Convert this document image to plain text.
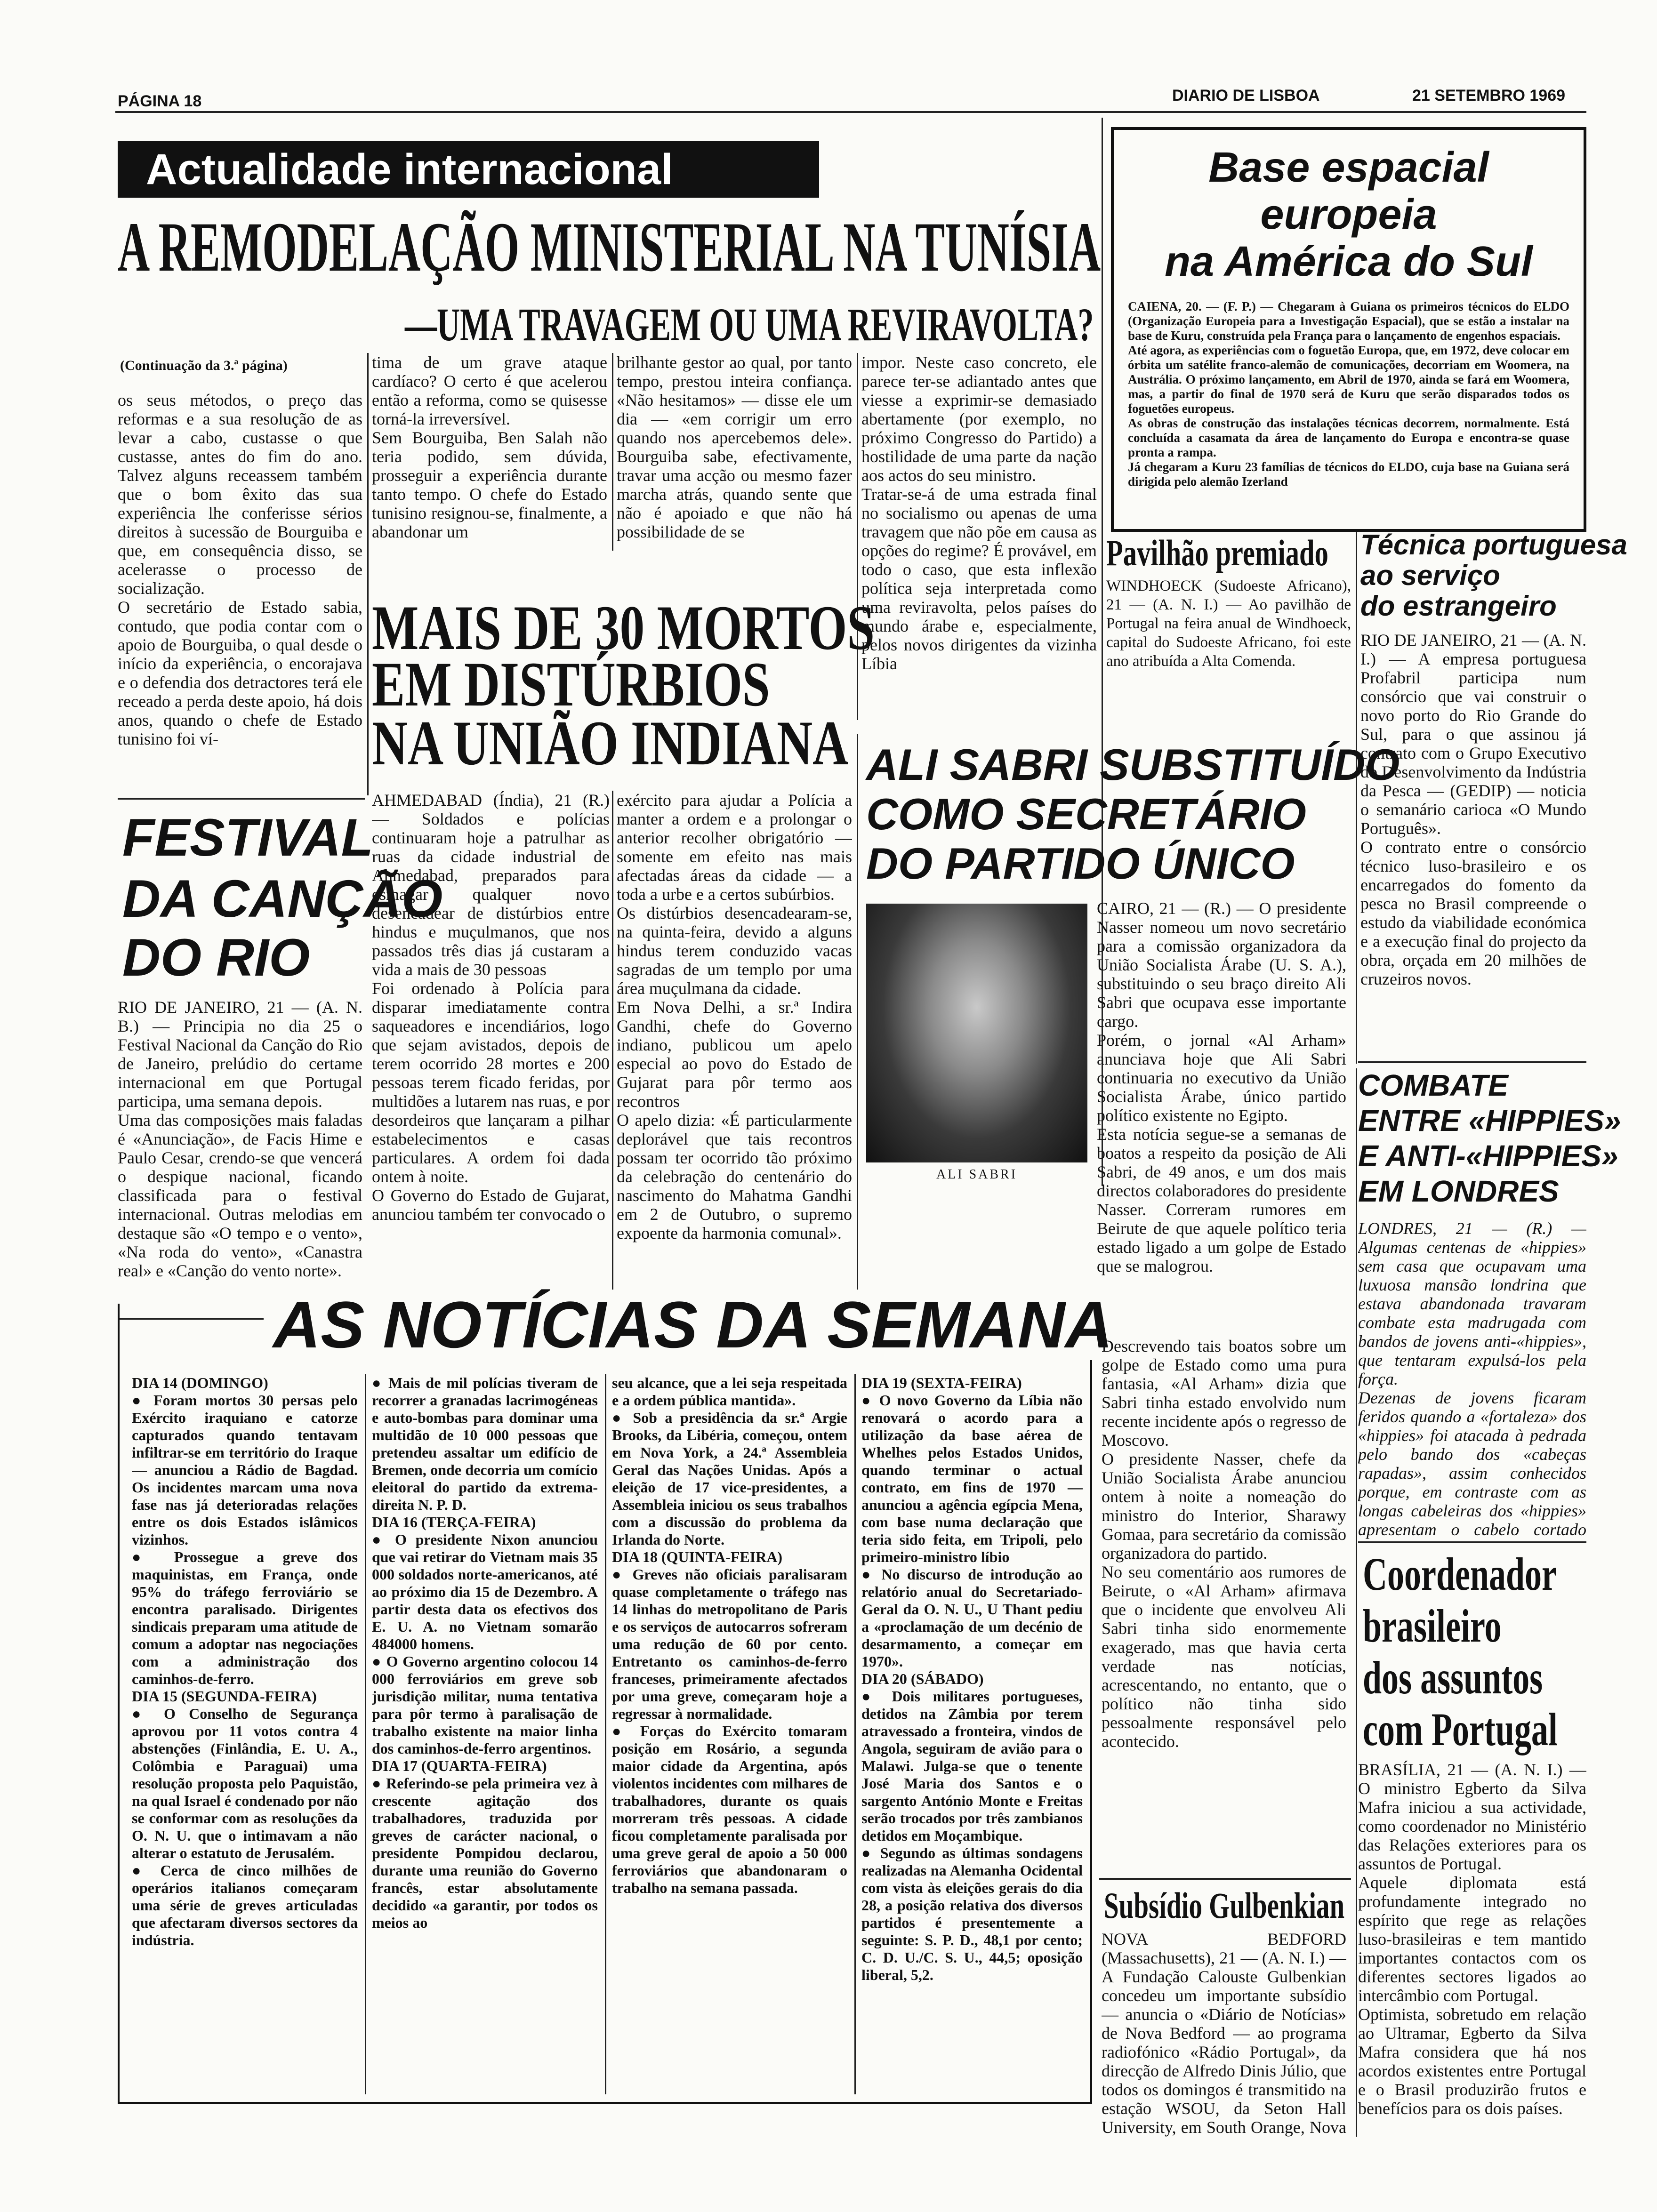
PÁGINA 18	DIARIO DE LISBOA	21 SETEMBRO 1969
Actualidade internacional
A REMODELAÇÃO MINISTERIAL NA TUNÍSIA
—UMA TRAVAGEM OU UMA REVIRAVOLTA?
(Continuação da 3.ª página)
os seus métodos, o preço das reformas e a sua resolução de as levar a cabo, custasse o que custasse, antes do fim do ano. Talvez alguns receassem também que o bom êxito das sua experiência lhe conferisse sérios direitos à sucessão de Bourguiba e que, em consequência disso, se acelerasse o processo de socialização.
O secretário de Estado sabia, contudo, que podia contar com o apoio de Bourguiba, o qual desde o início da experiência, o encorajava e o defendia dos detractores terá ele receado a perda deste apoio, há dois anos, quando o chefe de Estado tunisino foi ví-
tima de um grave ataque cardíaco? O certo é que acelerou então a reforma, como se quisesse torná-la irreversível.
Sem Bourguiba, Ben Salah não teria podido, sem dúvida, prosseguir a experiência durante tanto tempo. O chefe do Estado tunisino resignou-se, finalmente, a abandonar um
brilhante gestor ao qual, por tanto tempo, prestou inteira confiança. «Não hesitamos» — disse ele um dia — «em corrigir um erro quando nos apercebemos dele». Bourguiba sabe, efectivamente, travar uma acção ou mesmo fazer marcha atrás, quando sente que não é apoiado e que não há possibilidade de se
impor. Neste caso concreto, ele parece ter-se adiantado antes que viesse a exprimir-se demasiado abertamente (por exemplo, no próximo Congresso do Partido) a hostilidade de uma parte da nação aos actos do seu ministro.
Tratar-se-á de uma estrada final no socialismo ou apenas de uma travagem que não põe em causa as opções do regime? É provável, em todo o caso, que esta inflexão política seja interpretada como uma reviravolta, pelos países do mundo árabe e, especialmente, pelos novos dirigentes da vizinha Líbia
Base espacial europeia
na América do Sul
CAIENA, 20. — (F. P.) — Chegaram à Guiana os primeiros técnicos do ELDO (Organização Europeia para a Investigação Espacial), que se estão a instalar na base de Kuru, construída pela França para o lançamento de engenhos espaciais.
Até agora, as experiências com o foguetão Europa, que, em 1972, deve colocar em órbita um satélite franco-alemão de comunicações, decorriam em Woomera, na Austrália. O próximo lançamento, em Abril de 1970, ainda se fará em Woomera, mas, a partir do final de 1970 será de Kuru que serão disparados todos os foguetões europeus.
As obras de construção das instalações técnicas decorrem, normalmente. Está concluída a casamata da área de lançamento do Europa e encontra-se quase pronta a rampa.
Já chegaram a Kuru 23 famílias de técnicos do ELDO, cuja base na Guiana será dirigida pelo alemão Izerland
Pavilhão premiado
WINDHOECK (Sudoeste Africano), 21 — (A. N. I.) — Ao pavilhão de Portugal na feira anual de Windhoeck, capital do Sudoeste Africano, foi este ano atribuída a Alta Comenda.
Técnica portuguesa
ao serviço
do estrangeiro
RIO DE JANEIRO, 21 — (A. N. I.) — A empresa portuguesa Profabril participa num consórcio que vai construir o novo porto do Rio Grande do Sul, para o que assinou já contrato com o Grupo Executivo do Desenvolvimento da Indústria da Pesca — (GEDIP) — noticia o semanário carioca «O Mundo Português».
O contrato entre o consórcio técnico luso-brasileiro e os encarregados do fomento da pesca no Brasil compreende o estudo da viabilidade económica e a execução final do projecto da obra, orçada em 20 milhões de cruzeiros novos.
FESTIVAL
DA CANÇÃO
DO RIO
RIO DE JANEIRO, 21 — (A. N. B.) — Principia no dia 25 o Festival Nacional da Canção do Rio de Janeiro, prelúdio do certame internacional em que Portugal participa, uma semana depois.
Uma das composições mais faladas é «Anunciação», de Facis Hime e Paulo Cesar, crendo-se que vencerá o despique nacional, ficando classificada para o festival internacional. Outras melodias em destaque são «O tempo e o vento», «Na roda do vento», «Canastra real» e «Canção do vento norte».
MAIS DE 30 MORTOS
EM DISTÚRBIOS
NA UNIÃO INDIANA
AHMEDABAD (Índia), 21 (R.) — Soldados e polícias continuaram hoje a patrulhar as ruas da cidade industrial de Ahmedabad, preparados para esmagar qualquer novo desencadear de distúrbios entre hindus e muçulmanos, que nos passados três dias já custaram a vida a mais de 30 pessoas
Foi ordenado à Polícia para disparar imediatamente contra saqueadores e incendiários, logo que sejam avistados, depois de terem ocorrido 28 mortes e 200 pessoas terem ficado feridas, por multidões a lutarem nas ruas, e por desordeiros que lançaram a pilhar estabelecimentos e casas particulares. A ordem foi dada ontem à noite.
O Governo do Estado de Gujarat, anunciou também ter convocado o
exército para ajudar a Polícia a manter a ordem e a prolongar o anterior recolher obrigatório — somente em efeito nas mais afectadas áreas da cidade — a toda a urbe e a certos subúrbios.
Os distúrbios desencadearam-se, na quinta-feira, devido a alguns hindus terem conduzido vacas sagradas de um templo por uma área muçulmana da cidade.
Em Nova Delhi, a sr.ª Indira Gandhi, chefe do Governo indiano, publicou um apelo especial ao povo do Estado de Gujarat para pôr termo aos recontros
O apelo dizia: «É particularmente deplorável que tais recontros possam ter ocorrido tão próximo da celebração do centenário do nascimento do Mahatma Gandhi em 2 de Outubro, o supremo expoente da harmonia comunal».
ALI SABRI SUBSTITUÍDO
COMO SECRETÁRIO
DO PARTIDO ÚNICO
ALI SABRI
CAIRO, 21 — (R.) — O presidente Nasser nomeou um novo secretário para a comissão organizadora da União Socialista Árabe (U. S. A.), substituindo o seu braço direito Ali Sabri que ocupava esse importante cargo.
Porém, o jornal «Al Arham» anunciava hoje que Ali Sabri continuaria no executivo da União Socialista Árabe, único partido político existente no Egipto.
Esta notícia segue-se a semanas de boatos a respeito da posição de Ali Sabri, de 49 anos, e um dos mais directos colaboradores do presidente Nasser. Correram rumores em Beirute de que aquele político teria estado ligado a um golpe de Estado que se malogrou.
COMBATE
ENTRE «HIPPIES»
E ANTI-«HIPPIES»
EM LONDRES
LONDRES, 21 — (R.) — Algumas centenas de «hippies» sem casa que ocupavam uma luxuosa mansão londrina que estava abandonada travaram combate esta madrugada com bandos de jovens anti-«hippies», que tentaram expulsá-los pela força.
Dezenas de jovens ficaram feridos quando a «fortaleza» dos «hippies» foi atacada à pedrada pelo bando dos «cabeças rapadas», assim conhecidos porque, em contraste com as longas cabeleiras dos «hippies» apresentam o cabelo cortado
AS NOTÍCIAS DA SEMANA
DIA 14 (DOMINGO)
● Foram mortos 30 persas pelo Exército iraquiano e catorze capturados quando tentavam infiltrar-se em território do Iraque — anunciou a Rádio de Bagdad. Os incidentes marcam uma nova fase nas já deterioradas relações entre os dois Estados islâmicos vizinhos.
● Prossegue a greve dos maquinistas, em França, onde 95% do tráfego ferroviário se encontra paralisado. Dirigentes sindicais preparam uma atitude de comum a adoptar nas negociações com a administração dos caminhos-de-ferro.
DIA 15 (SEGUNDA-FEIRA)
● O Conselho de Segurança aprovou por 11 votos contra 4 abstenções (Finlândia, E. U. A., Colômbia e Paraguai) uma resolução proposta pelo Paquistão, na qual Israel é condenado por não se conformar com as resoluções da O. N. U. que o intimavam a não alterar o estatuto de Jerusalém.
● Cerca de cinco milhões de operários italianos começaram uma série de greves articuladas que afectaram diversos sectores da indústria.
● Mais de mil polícias tiveram de recorrer a granadas lacrimogéneas e auto-bombas para dominar uma multidão de 10 000 pessoas que pretendeu assaltar um edifício de Bremen, onde decorria um comício eleitoral do partido da extrema-direita N. P. D.
DIA 16 (TERÇA-FEIRA)
● O presidente Nixon anunciou que vai retirar do Vietnam mais 35 000 soldados norte-americanos, até ao próximo dia 15 de Dezembro. A partir desta data os efectivos dos E. U. A. no Vietnam somarão 484000 homens.
● O Governo argentino colocou 14 000 ferroviários em greve sob jurisdição militar, numa tentativa para pôr termo à paralisação de trabalho existente na maior linha dos caminhos-de-ferro argentinos.
DIA 17 (QUARTA-FEIRA)
● Referindo-se pela primeira vez à crescente agitação dos trabalhadores, traduzida por greves de carácter nacional, o presidente Pompidou declarou, durante uma reunião do Governo francês, estar absolutamente decidido «a garantir, por todos os meios ao
seu alcance, que a lei seja respeitada e a ordem pública mantida».
● Sob a presidência da sr.ª Argie Brooks, da Libéria, começou, ontem em Nova York, a 24.ª Assembleia Geral das Nações Unidas. Após a eleição de 17 vice-presidentes, a Assembleia iniciou os seus trabalhos com a discussão do problema da Irlanda do Norte.
DIA 18 (QUINTA-FEIRA)
● Greves não oficiais paralisaram quase completamente o tráfego nas 14 linhas do metropolitano de Paris e os serviços de autocarros sofreram uma redução de 60 por cento. Entretanto os caminhos-de-ferro franceses, primeiramente afectados por uma greve, começaram hoje a regressar à normalidade.
● Forças do Exército tomaram posição em Rosário, a segunda maior cidade da Argentina, após violentos incidentes com milhares de trabalhadores, durante os quais morreram três pessoas. A cidade ficou completamente paralisada por uma greve geral de apoio a 50 000 ferroviários que abandonaram o trabalho na semana passada.
DIA 19 (SEXTA-FEIRA)
● O novo Governo da Líbia não renovará o acordo para a utilização da base aérea de Whelhes pelos Estados Unidos, quando terminar o actual contrato, em fins de 1970 — anunciou a agência egípcia Mena, com base numa declaração que teria sido feita, em Tripoli, pelo primeiro-ministro líbio
● No discurso de introdução ao relatório anual do Secretariado-Geral da O. N. U., U Thant pediu a «proclamação de um decénio de desarmamento, a começar em 1970».
DIA 20 (SÁBADO)
● Dois militares portugueses, detidos na Zâmbia por terem atravessado a fronteira, vindos de Angola, seguiram de avião para o Malawi. Julga-se que o tenente José Maria dos Santos e o sargento António Monte e Freitas serão trocados por três zambianos detidos em Moçambique.
● Segundo as últimas sondagens realizadas na Alemanha Ocidental com vista às eleições gerais do dia 28, a posição relativa dos diversos partidos é presentemente a seguinte: S. P. D., 48,1 por cento; C. D. U./C. S. U., 44,5; oposição liberal, 5,2.
Descrevendo tais boatos sobre um golpe de Estado como uma pura fantasia, «Al Arham» dizia que Sabri tinha estado envolvido num recente incidente após o regresso de Moscovo.
O presidente Nasser, chefe da União Socialista Árabe anunciou ontem à noite a nomeação do ministro do Interior, Sharawy Gomaa, para secretário da comissão organizadora do partido.
No seu comentário aos rumores de Beirute, o «Al Arham» afirmava que o incidente que envolveu Ali Sabri tinha sido enormemente exagerado, mas que havia certa verdade nas notícias, acrescentando, no entanto, que o político não tinha sido pessoalmente responsável pelo acontecido.
Subsídio Gulbenkian
NOVA BEDFORD (Massachusetts), 21 — (A. N. I.) — A Fundação Calouste Gulbenkian concedeu um importante subsídio — anuncia o «Diário de Notícias» de Nova Bedford — ao programa radiofónico «Rádio Portugal», da direcção de Alfredo Dinis Júlio, que todos os domingos é transmitido na estação WSOU, da Seton Hall University, em South Orange, Nova
Coordenador
brasileiro
dos assuntos
com Portugal
BRASÍLIA, 21 — (A. N. I.) — O ministro Egberto da Silva Mafra iniciou a sua actividade, como coordenador no Ministério das Relações exteriores para os assuntos de Portugal.
Aquele diplomata está profundamente integrado no espírito que rege as relações luso-brasileiras e tem mantido importantes contactos com os diferentes sectores ligados ao intercâmbio com Portugal.
Optimista, sobretudo em relação ao Ultramar, Egberto da Silva Mafra considera que há nos acordos existentes entre Portugal e o Brasil produzirão frutos e benefícios para os dois países.
